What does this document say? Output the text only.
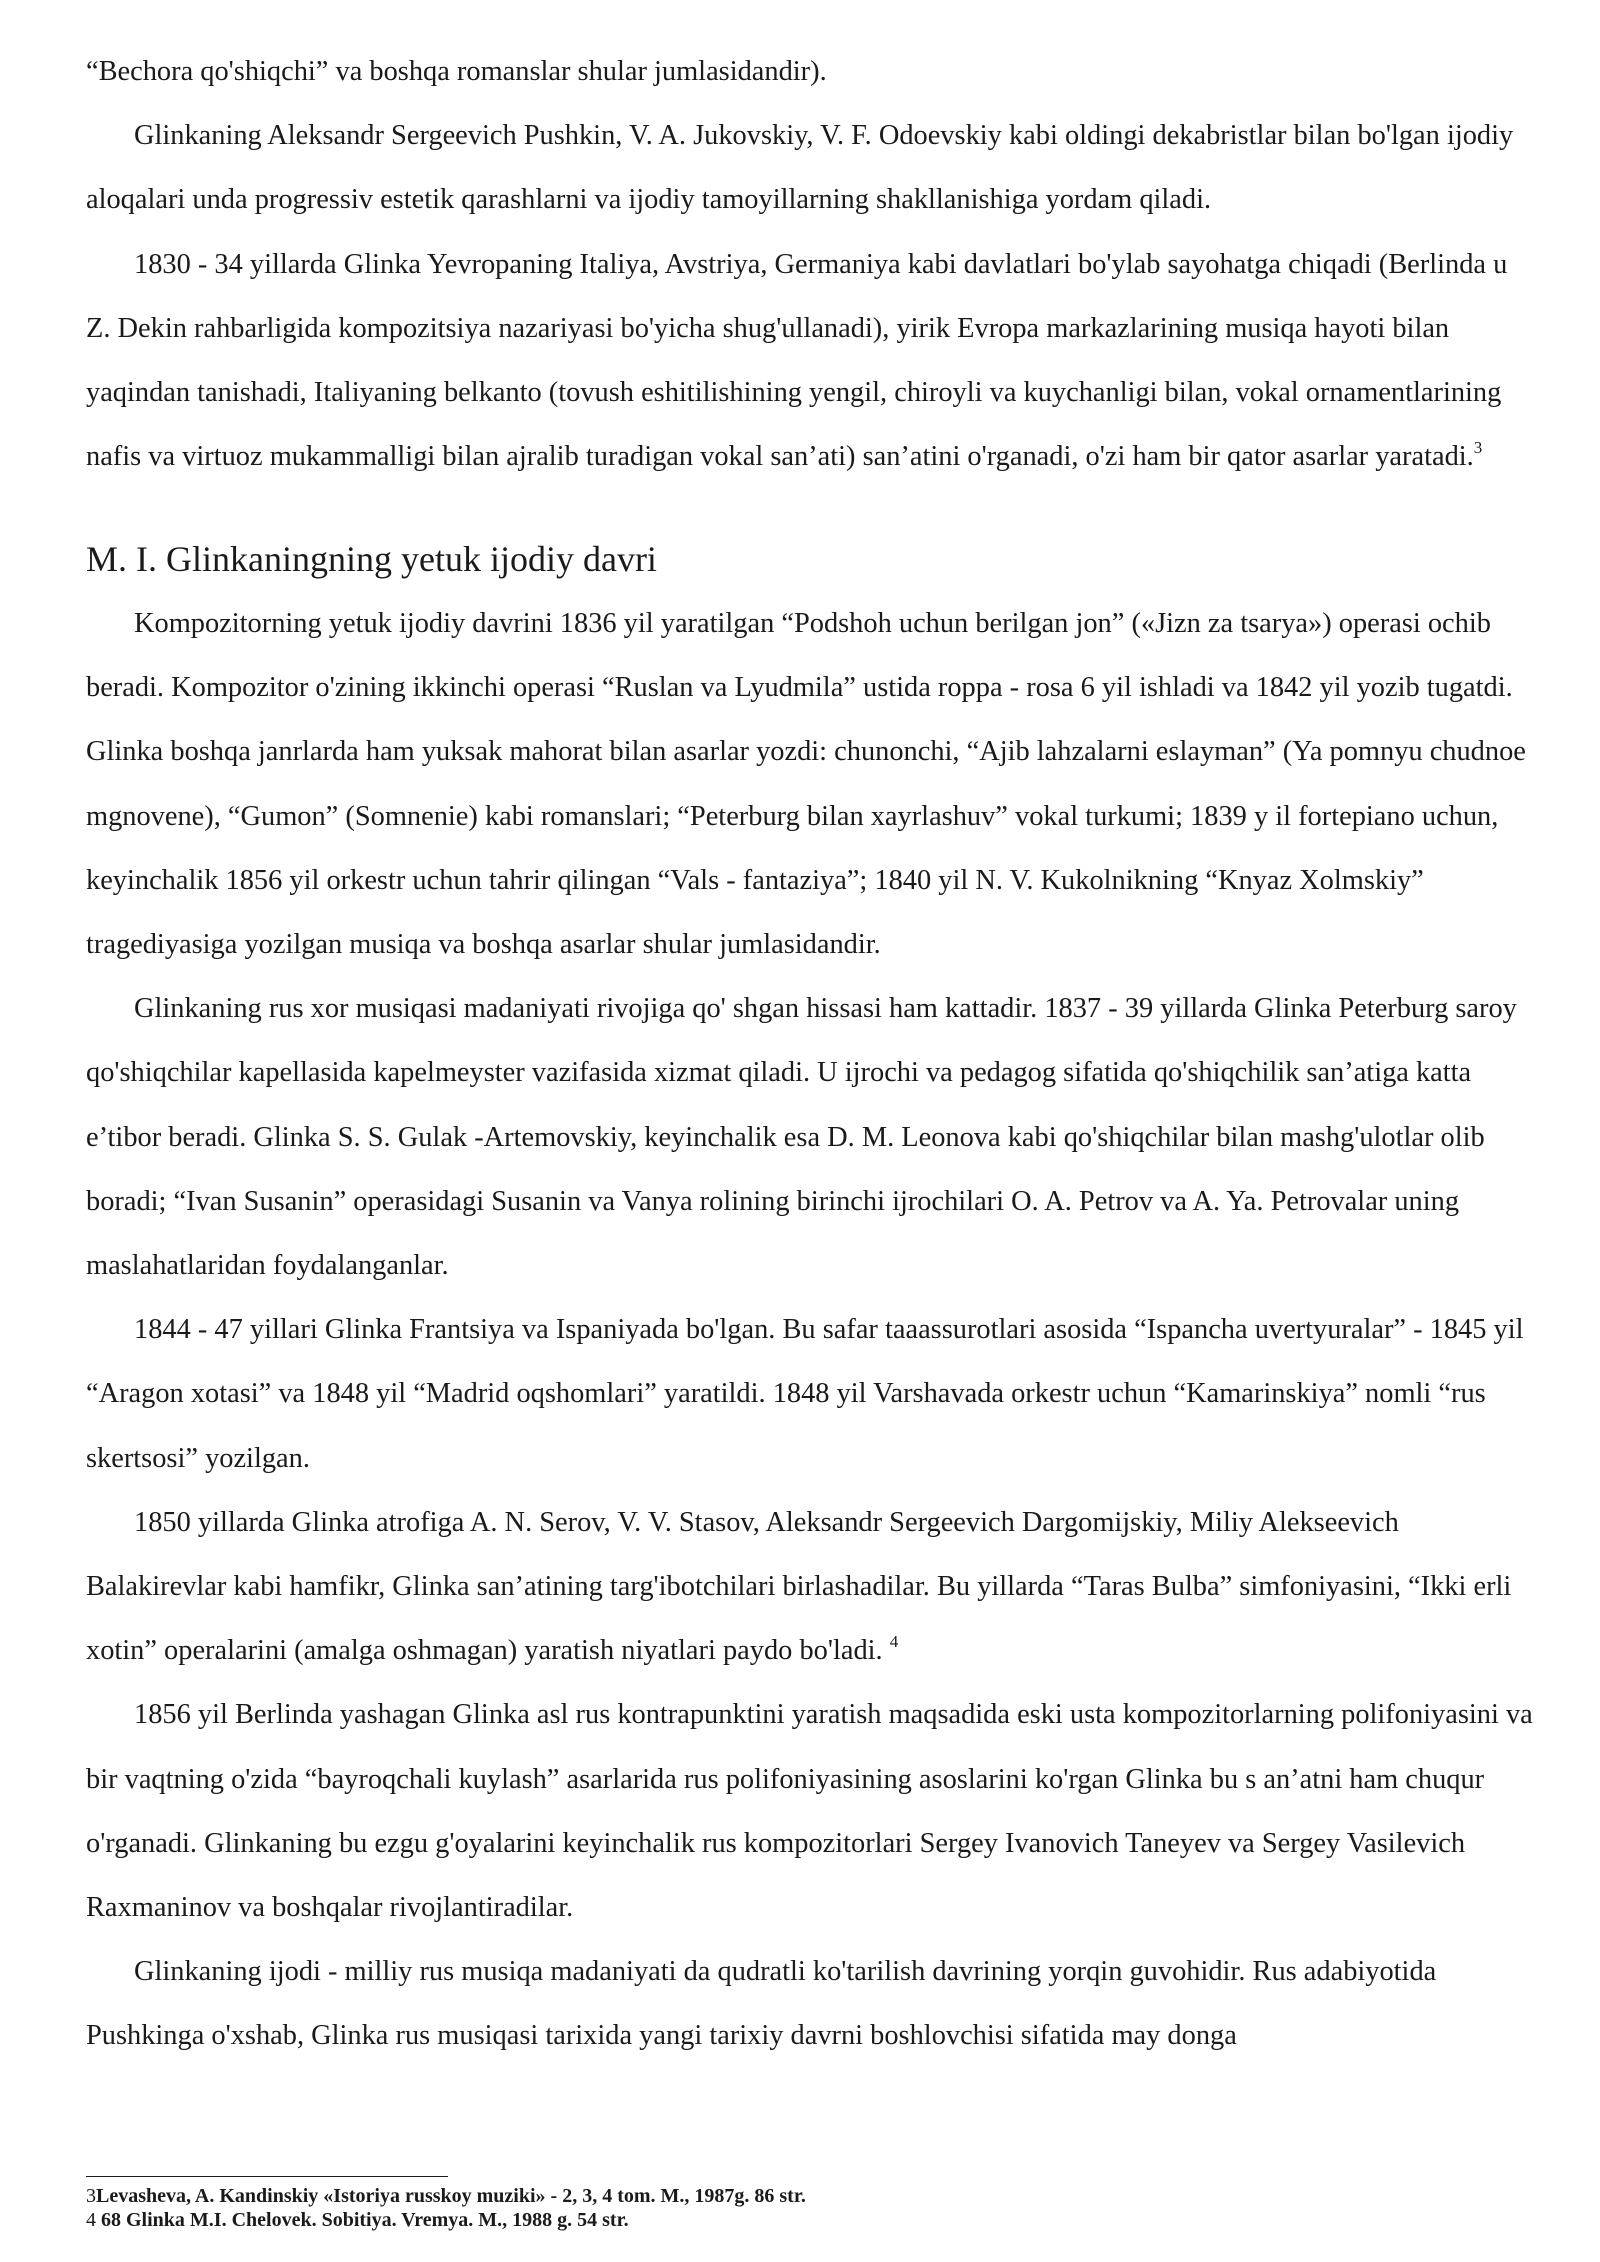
“Bechora qo'shiqchi” va boshqa romanslar shular jumlasidandir).

Glinkaning Aleksandr Sergeevich Pushkin, V. A. Jukovskiy, V. F. Odoevskiy kabi oldingi dekabristlar bilan bo'lgan ijodiy aloqalari unda progressiv estetik qarashlarni va ijodiy tamoyillarning shakllanishiga yordam qiladi.

1830 - 34 yillarda Glinka Yevropaning Italiya, Avstriya, Germaniya kabi davlatlari bo'ylab sayohatga chiqadi (Berlinda u Z. Dekin rahbarligida kompozitsiya nazariyasi bo'yicha shug'ullanadi), yirik Evropa markazlarining musiqa hayoti bilan yaqindan tanishadi, Italiyaning belkanto (tovush eshitilishining yengil, chiroyli va kuychanligi bilan, vokal ornamentlarining nafis va virtuoz mukammalligi bilan ajralib turadigan vokal san’ati) san’atini o'rganadi, o'zi ham bir qator asarlar yaratadi.$^3$

M. I. Glinkaningning yetuk ijodiy davri

Kompozitorning yetuk ijodiy davrini 1836 yil yaratilgan “Podshoh uchun berilgan jon” («Jizn za tsarya») operasi ochib beradi. Kompozitor o'zining ikkinchi operasi “Ruslan va Lyudmila” ustida roppa - rosa 6 yil ishladi va 1842 yil yozib tugatdi. Glinka boshqa janrlarda ham yuksak mahorat bilan asarlar yozdi: chunonchi, “Ajib lahzalarni eslayman” (Ya pomnyu chudnoe mgnovene), “Gumon” (Somnenie) kabi romanslari; “Peterburg bilan xayrlashuv” vokal turkumi; 1839 y il fortepiano uchun, keyinchalik 1856 yil orkestr uchun tahrir qilingan “Vals - fantaziya”; 1840 yil N. V. Kukolnikning “Knyaz Xolmskiy” tragediyasiga yozilgan musiqa va boshqa asarlar shular jumlasidandir.

Glinkaning rus xor musiqasi madaniyati rivojiga qo' shgan hissasi ham kattadir. 1837 - 39 yillarda Glinka Peterburg saroy qo'shiqchilar kapellasida kapelmeyster vazifasida xizmat qiladi. U ijrochi va pedagog sifatida qo'shiqchilik san’atiga katta e’tibor beradi. Glinka S. S. Gulak -Artemovskiy, keyinchalik esa D. M. Leonova kabi qo'shiqchilar bilan mashg'ulotlar olib boradi; “Ivan Susanin” operasidagi Susanin va Vanya rolining birinchi ijrochilari O. A. Petrov va A. Ya. Petrovalar uning maslahatlaridan foydalanganlar.

1844 - 47 yillari Glinka Frantsiya va Ispaniyada bo'lgan. Bu safar taaassurotlari asosida “Ispancha uvertyuralar” - 1845 yil “Aragon xotasi” va 1848 yil “Madrid oqshomlari” yaratildi. 1848 yil Varshavada orkestr uchun “Kamarinskiya” nomli “rus skertsosi” yozilgan.

1850 yillarda Glinka atrofiga A. N. Serov, V. V. Stasov, Aleksandr Sergeevich Dargomijskiy, Miliy Alekseevich Balakirevlar kabi hamfikr, Glinka san’atining targ'ibotchilari birlashadilar. Bu yillarda “Taras Bulba” simfoniyasini, “Ikki erli xotin” operalarini (amalga oshmagan) yaratish niyatlari paydo bo'ladi. $^4$

1856 yil Berlinda yashagan Glinka asl rus kontrapunktini yaratish maqsadida eski usta kompozitorlarning polifoniyasini va bir vaqtning o'zida “bayroqchali kuylash” asarlarida rus polifoniyasining asoslarini ko'rgan Glinka bu s an’atni ham chuqur o'rganadi. Glinkaning bu ezgu g'oyalarini keyinchalik rus kompozitorlari Sergey Ivanovich Taneyev va Sergey Vasilevich Raxmaninov va boshqalar rivojlantiradilar.

Glinkaning ijodi - milliy rus musiqa madaniyati da qudratli ko'tarilish davrining yorqin guvohidir. Rus adabiyotida Pushkinga o'xshab, Glinka rus musiqasi tarixida yangi tarixiy davrni boshlovchisi sifatida may donga

3Levasheva, A. Kandinskiy «Istoriya russkoy muziki» - 2, 3, 4 tom. M., 1987g. 86 str.

4 68 Glinka M.I. Chelovek. Sobitiya. Vremya. M., 1988 g. 54 str.
